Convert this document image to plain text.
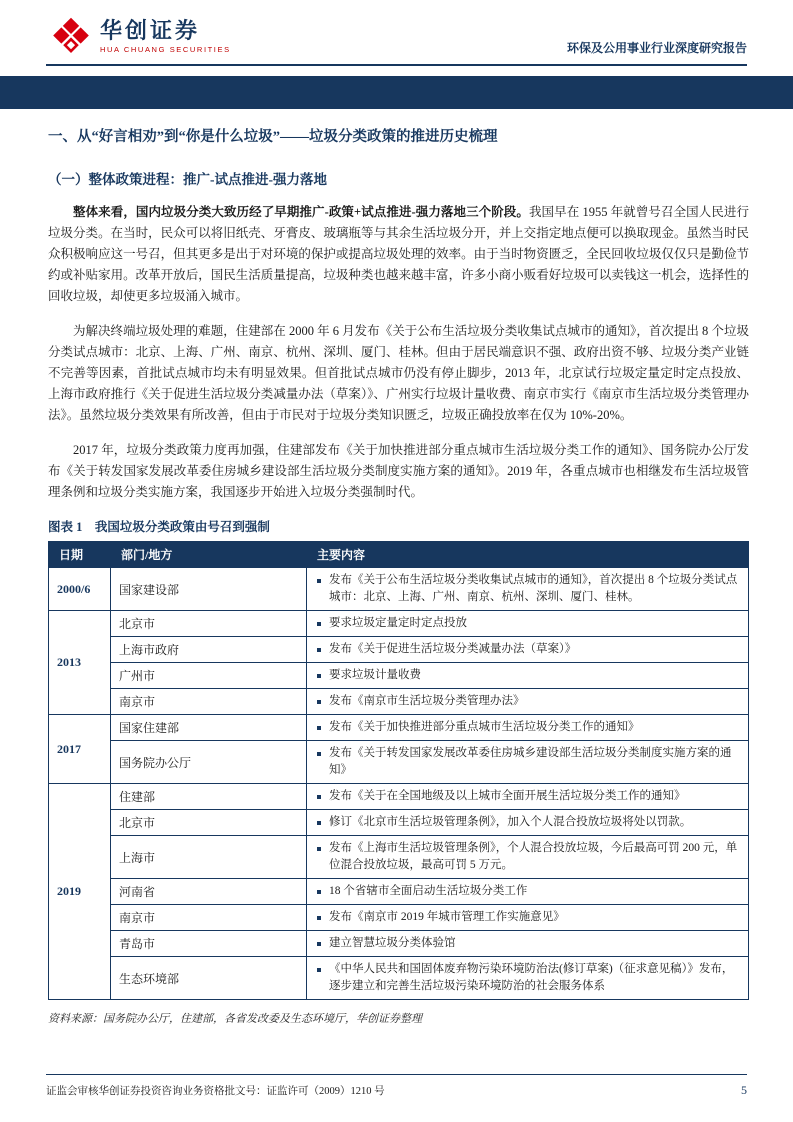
华创证券
HUA CHUANG SECURITIES	环保及公用事业行业深度研究报告
一、从“好言相劝”到“你是什么垃圾”——垃圾分类政策的推进历史梳理
（一）整体政策进程：推广-试点推进-强力落地

整体来看，国内垃圾分类大致历经了早期推广-政策+试点推进-强力落地三个阶段。我国早在 1955 年就曾号召全国人民进行垃圾分类。在当时，民众可以将旧纸壳、牙膏皮、玻璃瓶等与其余生活垃圾分开，并上交指定地点便可以换取现金。虽然当时民众积极响应这一号召，但其更多是出于对环境的保护或提高垃圾处理的效率。由于当时物资匮乏，全民回收垃圾仅仅只是勤俭节约或补贴家用。改革开放后，国民生活质量提高，垃圾种类也越来越丰富，许多小商小贩看好垃圾可以卖钱这一机会，选择性的回收垃圾，却使更多垃圾涌入城市。

为解决终端垃圾处理的难题，住建部在 2000 年 6 月发布《关于公布生活垃圾分类收集试点城市的通知》，首次提出 8 个垃圾分类试点城市：北京、上海、广州、南京、杭州、深圳、厦门、桂林。但由于居民端意识不强、政府出资不够、垃圾分类产业链不完善等因素，首批试点城市均未有明显效果。但首批试点城市仍没有停止脚步，2013 年，北京试行垃圾定量定时定点投放、上海市政府推行《关于促进生活垃圾分类减量办法（草案）》、广州实行垃圾计量收费、南京市实行《南京市生活垃圾分类管理办法》。虽然垃圾分类效果有所改善，但由于市民对于垃圾分类知识匮乏，垃圾正确投放率在仅为 10%-20%。

2017 年，垃圾分类政策力度再加强，住建部发布《关于加快推进部分重点城市生活垃圾分类工作的通知》、国务院办公厅发布《关于转发国家发展改革委住房城乡建设部生活垃圾分类制度实施方案的通知》。2019 年，各重点城市也相继发布生活垃圾管理条例和垃圾分类实施方案，我国逐步开始进入垃圾分类强制时代。

图表 1　我国垃圾分类政策由号召到强制
日期	部门/地方	主要内容
2000/6	国家建设部	发布《关于公布生活垃圾分类收集试点城市的通知》，首次提出 8 个垃圾分类试点城市：北京、上海、广州、南京、杭州、深圳、厦门、桂林。

2013	北京市	要求垃圾定量定时定点投放

	上海市政府	发布《关于促进生活垃圾分类减量办法（草案）》

	广州市	要求垃圾计量收费

	南京市	发布《南京市生活垃圾分类管理办法》

2017	国家住建部	发布《关于加快推进部分重点城市生活垃圾分类工作的通知》

	国务院办公厅	发布《关于转发国家发展改革委住房城乡建设部生活垃圾分类制度实施方案的通知》

2019	住建部	发布《关于在全国地级及以上城市全面开展生活垃圾分类工作的通知》

	北京市	修订《北京市生活垃圾管理条例》，加入个人混合投放垃圾将处以罚款。

	上海市	发布《上海市生活垃圾管理条例》，个人混合投放垃圾，今后最高可罚 200 元，单位混合投放垃圾，最高可罚 5 万元。

	河南省	18 个省辖市全面启动生活垃圾分类工作

	南京市	发布《南京市 2019 年城市管理工作实施意见》

	青岛市	建立智慧垃圾分类体验馆

	生态环境部	《中华人民共和国固体废弃物污染环境防治法(修订草案)（征求意见稿）》发布，逐步建立和完善生活垃圾污染环境防治的社会服务体系
资料来源：国务院办公厅，住建部，各省发改委及生态环境厅，华创证券整理
证监会审核华创证券投资咨询业务资格批文号：证监许可（2009）1210 号	5
